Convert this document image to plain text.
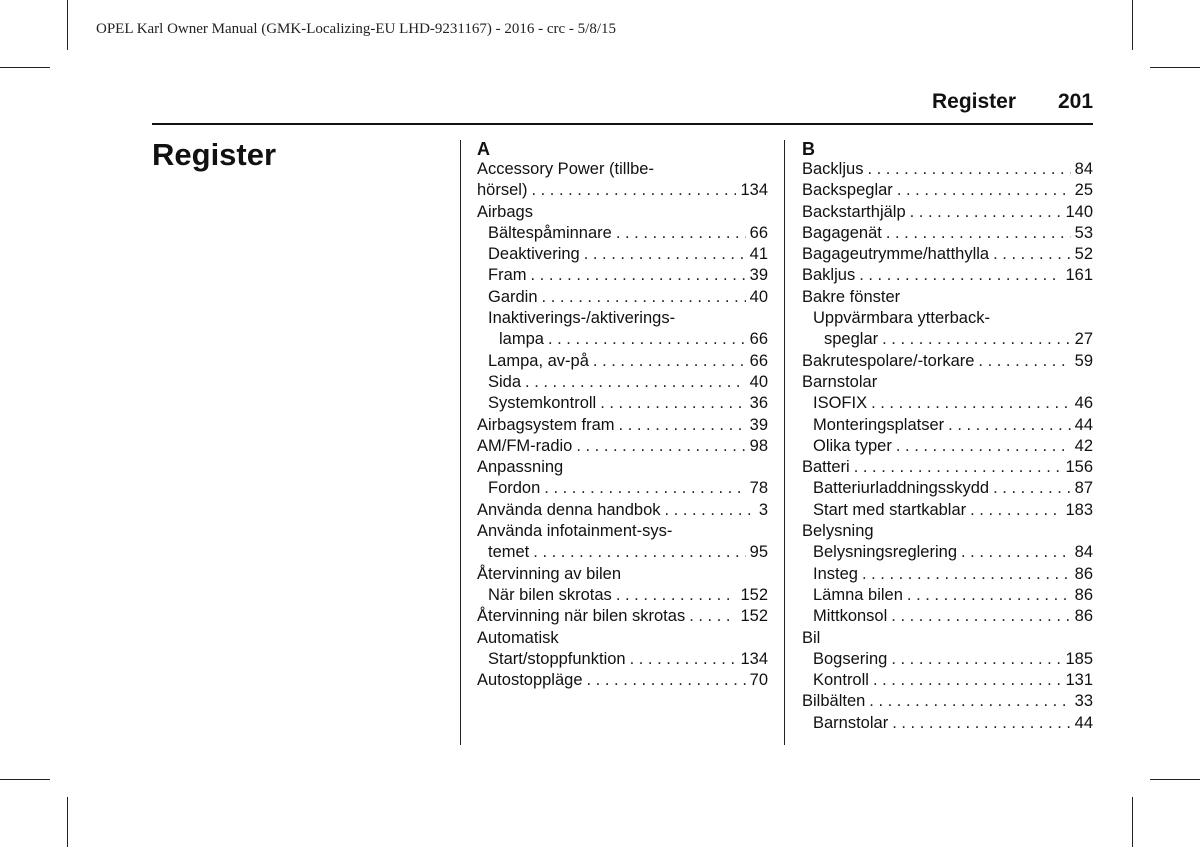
OPEL Karl Owner Manual (GMK-Localizing-EU LHD-9231167) - 2016 - crc - 5/8/15
Register 201
Register	A
Accessory Power (tillbe-
hörsel) . . .	134
Airbags
Bältespåminnare . . .	66
Deaktivering . . .	41
Fram . . .	39
Gardin . . .	40
Inaktiverings-/aktiverings-
lampa . . .	66
Lampa, av-på . . .	66
Sida . . .	40
Systemkontroll . . .	36
Airbagsystem fram . . .	39
AM/FM-radio . . .	98
Anpassning
Fordon . . .	78
Använda denna handbok . . .	3
Använda infotainment-sys-
temet . . .	95
Återvinning av bilen
När bilen skrotas . . .	152
Återvinning när bilen skrotas . . .	152
Automatisk
Start/stoppfunktion . . .	134
Autostoppläge . . .	70
B
Backljus . . .	84
Backspeglar . . .	25
Backstarthjälp . . .	140
Bagagenät . . .	53
Bagageutrymme/hatthylla . . .	52
Bakljus . . .	161
Bakre fönster
Uppvärmbara ytterback-
speglar . . .	27
Bakrutespolare/-torkare . . .	59
Barnstolar
ISOFIX . . .	46
Monteringsplatser . . .	44
Olika typer . . .	42
Batteri . . .	156
Batteriurladdningsskydd . . .	87
Start med startkablar . . .	183
Belysning
Belysningsreglering . . .	84
Insteg . . .	86
Lämna bilen . . .	86
Mittkonsol . . .	86
Bil
Bogsering . . .	185
Kontroll . . .	131
Bilbälten . . .	33
Barnstolar . . .	44
